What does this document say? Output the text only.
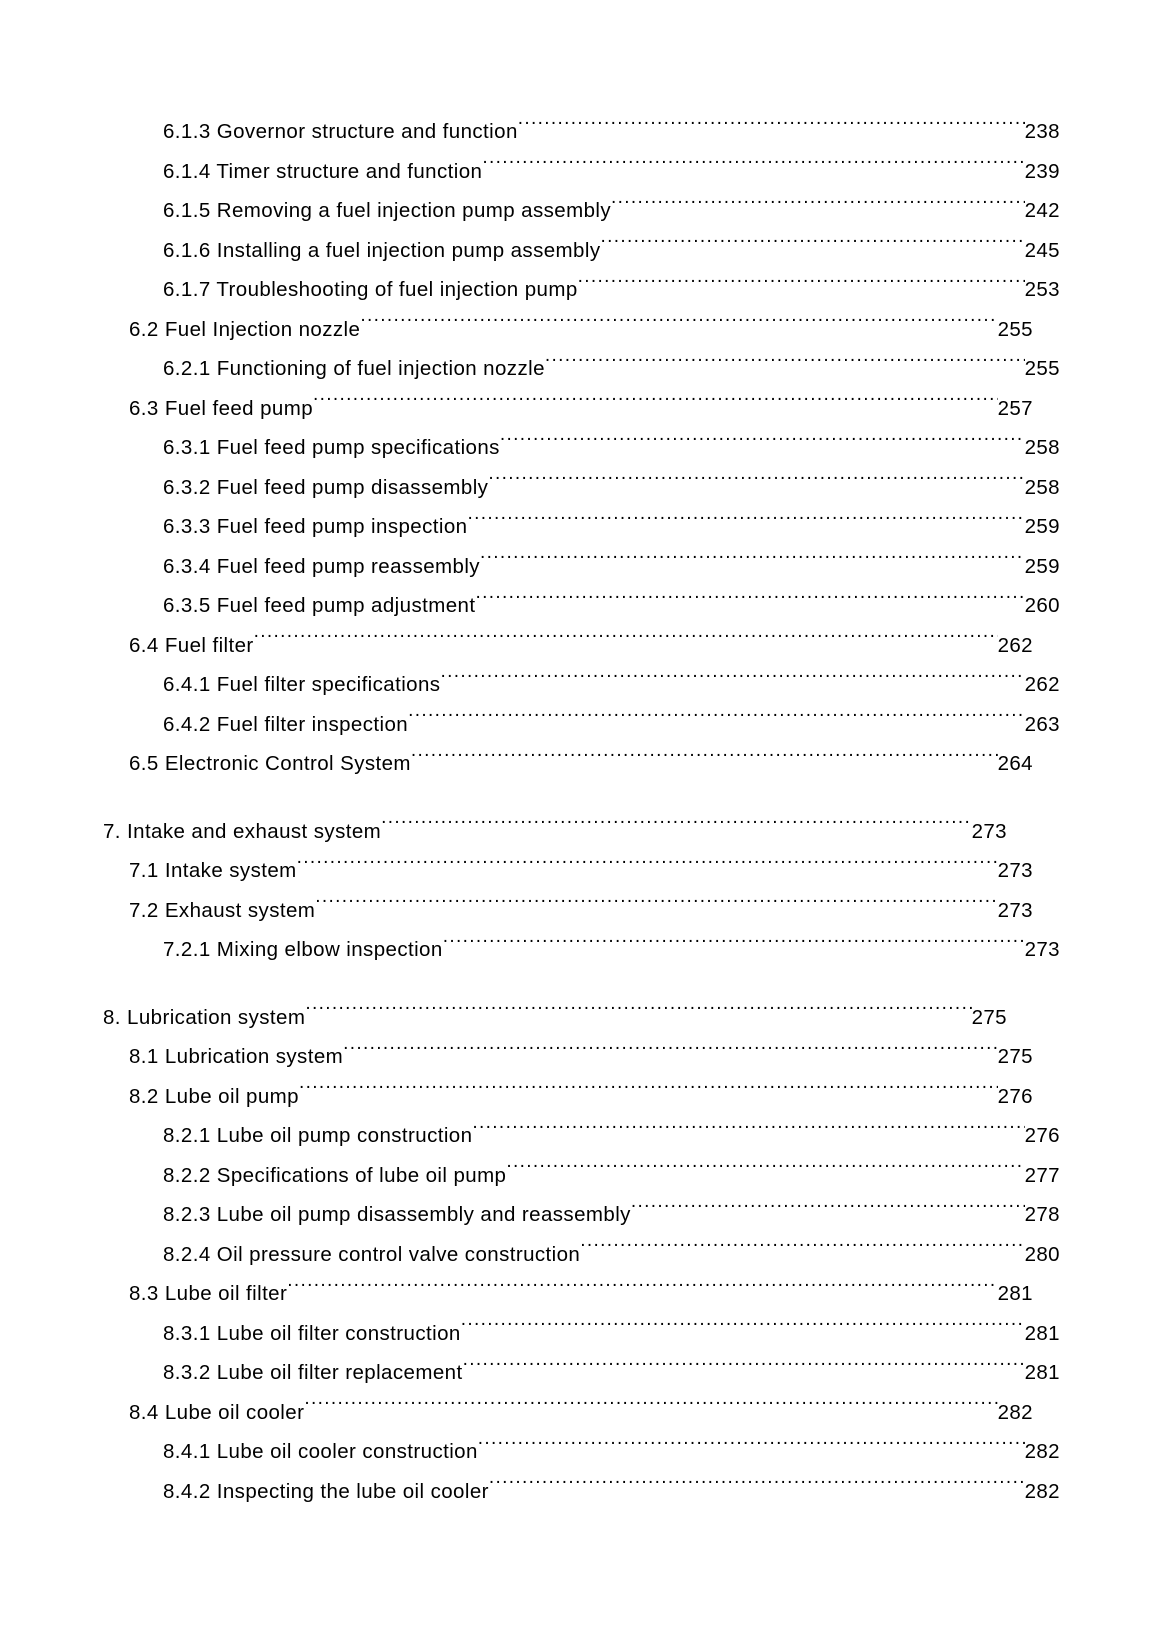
6.1.3 Governor structure and function .....	238
6.1.4 Timer structure and function .....	239
6.1.5 Removing a fuel injection pump assembly .....	242
6.1.6 Installing a fuel injection pump assembly .....	245
6.1.7 Troubleshooting of fuel injection pump .....	253
6.2 Fuel Injection nozzle .....	255
6.2.1 Functioning of fuel injection nozzle .....	255
6.3 Fuel feed pump .....	257
6.3.1 Fuel feed pump specifications .....	258
6.3.2 Fuel feed pump disassembly .....	258
6.3.3 Fuel feed pump inspection .....	259
6.3.4 Fuel feed pump reassembly .....	259
6.3.5 Fuel feed pump adjustment .....	260
6.4 Fuel filter .....	262
6.4.1 Fuel filter specifications .....	262
6.4.2 Fuel filter inspection .....	263
6.5 Electronic Control System .....	264
7. Intake and exhaust system .....	273
7.1 Intake system .....	273
7.2 Exhaust system .....	273
7.2.1 Mixing elbow inspection .....	273
8. Lubrication system .....	275
8.1 Lubrication system .....	275
8.2 Lube oil pump .....	276
8.2.1 Lube oil pump construction .....	276
8.2.2 Specifications of lube oil pump .....	277
8.2.3 Lube oil pump disassembly and reassembly .....	278
8.2.4 Oil pressure control valve construction .....	280
8.3 Lube oil filter .....	281
8.3.1 Lube oil filter construction .....	281
8.3.2 Lube oil filter replacement .....	281
8.4 Lube oil cooler .....	282
8.4.1 Lube oil cooler construction .....	282
8.4.2 Inspecting the lube oil cooler .....	282
